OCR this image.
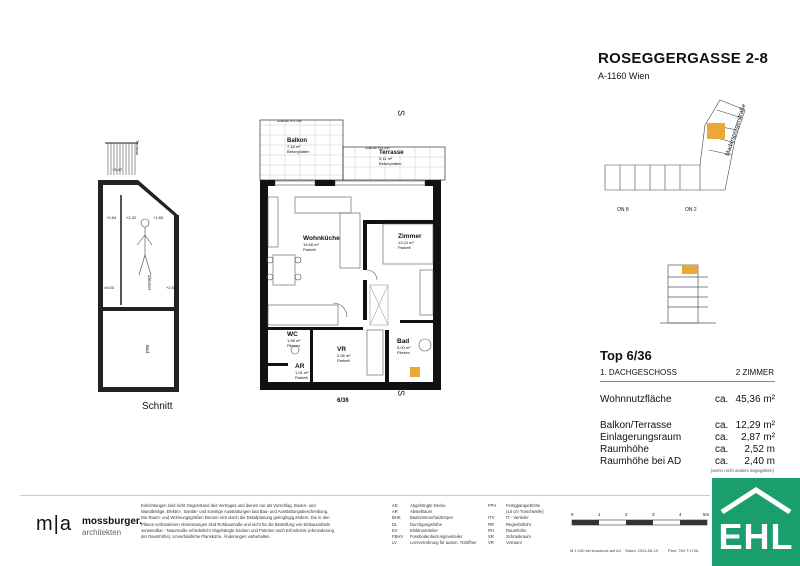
Terrasse
Zimmer
Bad
+3,47
+2,84 +2,32	+1,83
+2,52
±0,00
Schnitt
S
S
Geländer h=1,10m
Geländer h=1,10m
Balkon
7,18 m²
Betonplatten	Terrasse
5,11 m²
Betonplatten
Wohnküche
19,68 m²
Parkett
Zimmer
13,24 m²
Parkett
WC
1,98 m²
Fliesen
VR
2,06 m²
Parkett
Bad
5,00 m²
Fliesen
AR
1,91 m²
Parkett
6/36
ROSEGGERGASSE 2-8
A-1160 Wien
Maderspergerstraße
ON 8	ON 2
Top 6/36
1. DACHGESCHOSS	2 ZIMMER
Wohnnutzfläche	ca. 45,36 m²
Balkon/Terrasse	ca. 12,29 m²
Einlagerungsraum	ca. 2,87 m²
Raumhöhe	ca. 2,52 m
Raumhöhe bei AD	ca. 2,40 m
(wenn nicht anders angegeben)
m|a mossburger.
architekten
Einrichtungen sind nicht Gegenstand des Vertrages und dienen nur als Vorschlag. Boden- und
Wandbeläge, Elektro-, Sanitär- und sonstige Ausstattungen laut Bau- und Ausstattungsbeschreibung.
Die Raum- und Wohnungsgrößen können sich durch die Detailplanung geringfügig ändern. Die in den
Plänen vorhandenen Abmessungen sind Rohbaumaße und nicht für die Bestellung von Einbaumöbeln
verwendbar - Naturmaße erforderlich! Abgehängte Decken und Poterien nach Erfordernis (Abminderung
der Raumhöhe). Unverbindliche Planskizze, Änderungen vorbehalten.
AD	Abgehängte Decke
AR	Abstellraum
BHK Badezimmerheizkörper
DL	Durchgangshöhe
EV	Elektroverteiler
FBHV Fussbodenheizungsverteiler
LV	Leerverrohrung für autom. Türöffner
FPH Fertigparapethöhe
(±3 cm Türschwelle)
ITV	IT - Verteiler
RR	Regenfallrohr
RH	Raumhöhe
SR	Schrankraum
VR	Vorraum
0	1	2	3	4	5m
M 1:100 bei Ausdruck auf A4 Stand: 2024-06-19 Plan: 769.T.170A EHL
